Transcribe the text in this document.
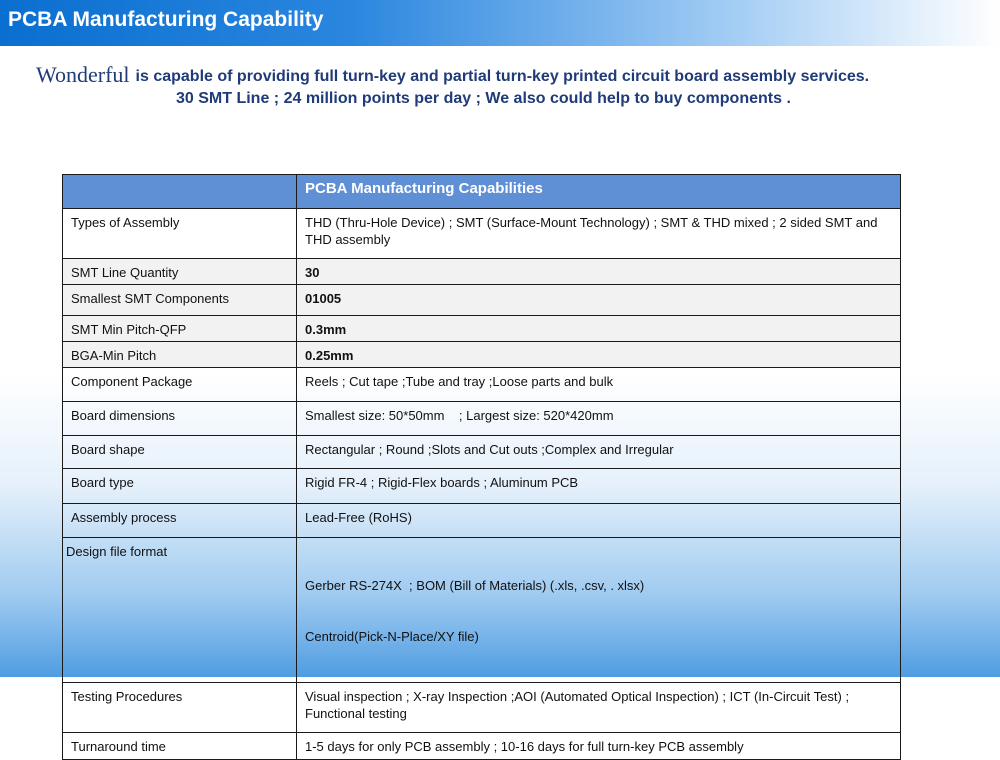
PCBA Manufacturing Capability
Wonderful is capable of providing full turn-key and partial turn-key printed circuit board assembly services.
30 SMT Line ; 24 million points per day ; We also could help to buy components .
	PCBA Manufacturing Capabilities
Types of Assembly	THD (Thru-Hole Device) ; SMT (Surface-Mount Technology) ; SMT & THD mixed ; 2 sided SMT and THD assembly
SMT Line Quantity	30
Smallest SMT Components	01005
SMT Min Pitch-QFP	0.3mm
BGA-Min Pitch	0.25mm
Component Package	Reels ; Cut tape ;Tube and tray ;Loose parts and bulk
Board dimensions	Smallest size: 50*50mm    ; Largest size: 520*420mm
Board shape	Rectangular ; Round ;Slots and Cut outs ;Complex and Irregular
Board type	Rigid FR-4 ; Rigid-Flex boards ; Aluminum PCB
Assembly process	Lead-Free (RoHS)
Design file format	Gerber RS-274X  ; BOM (Bill of Materials) (.xls, .csv, . xlsx)

Centroid(Pick-N-Place/XY file)

Testing Procedures	Visual inspection ; X-ray Inspection ;AOI (Automated Optical Inspection) ; ICT (In-Circuit Test) ; Functional testing
Turnaround time	1-5 days for only PCB assembly ; 10-16 days for full turn-key PCB assembly
